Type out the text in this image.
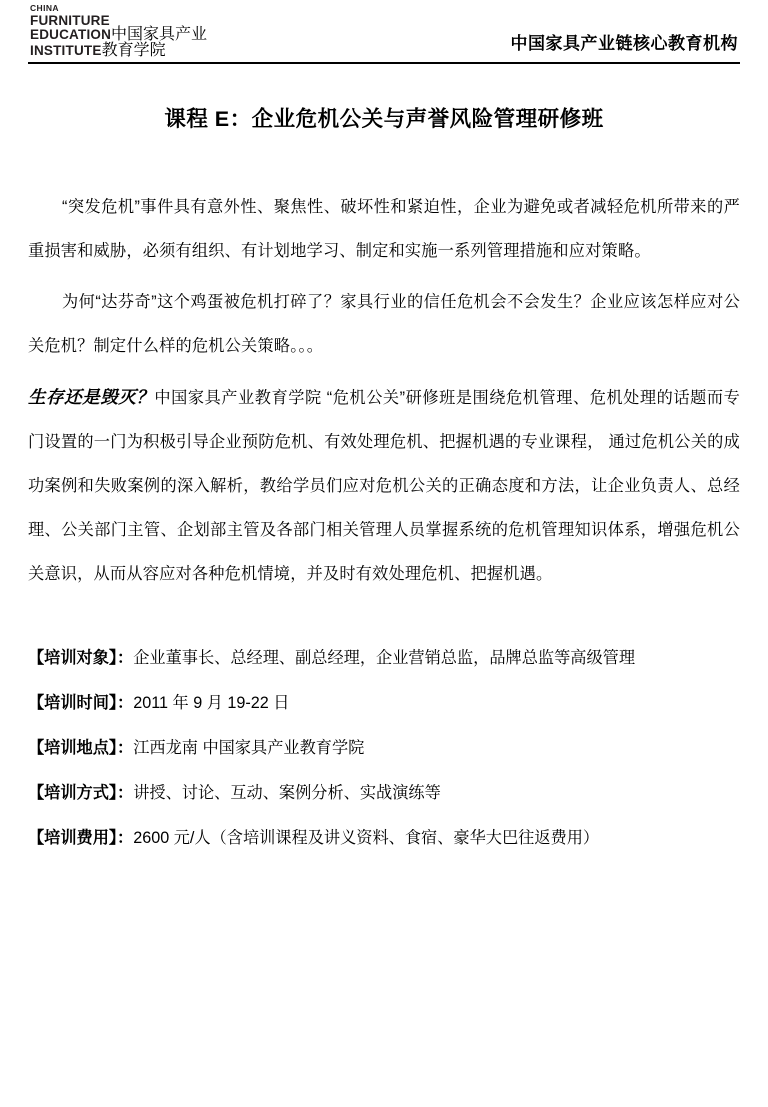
CHINA
FURNITURE
EDUCATION中国家具产业
INSTITUTE教育学院	中国家具产业链核心教育机构
课程 E：企业危机公关与声誉风险管理研修班

“突发危机”事件具有意外性、聚焦性、破坏性和紧迫性，企业为避免或者减轻危机所带来的严重损害和威胁，必须有组织、有计划地学习、制定和实施一系列管理措施和应对策略。

为何“达芬奇”这个鸡蛋被危机打碎了？家具行业的信任危机会不会发生？企业应该怎样应对公关危机？制定什么样的危机公关策略。。。

生存还是毁灭？中国家具产业教育学院 “危机公关”研修班是围绕危机管理、危机处理的话题而专门设置的一门为积极引导企业预防危机、有效处理危机、把握机遇的专业课程， 通过危机公关的成功案例和失败案例的深入解析，教给学员们应对危机公关的正确态度和方法，让企业负责人、总经理、公关部门主管、企划部主管及各部门相关管理人员掌握系统的危机管理知识体系，增强危机公关意识，从而从容应对各种危机情境，并及时有效处理危机、把握机遇。

【培训对象】：企业董事长、总经理、副总经理，企业营销总监，品牌总监等高级管理
【培训时间】：2011 年 9 月 19-22 日
【培训地点】：江西龙南 中国家具产业教育学院
【培训方式】：讲授、讨论、互动、案例分析、实战演练等
【培训费用】：2600 元/人（含培训课程及讲义资料、食宿、豪华大巴往返费用）
